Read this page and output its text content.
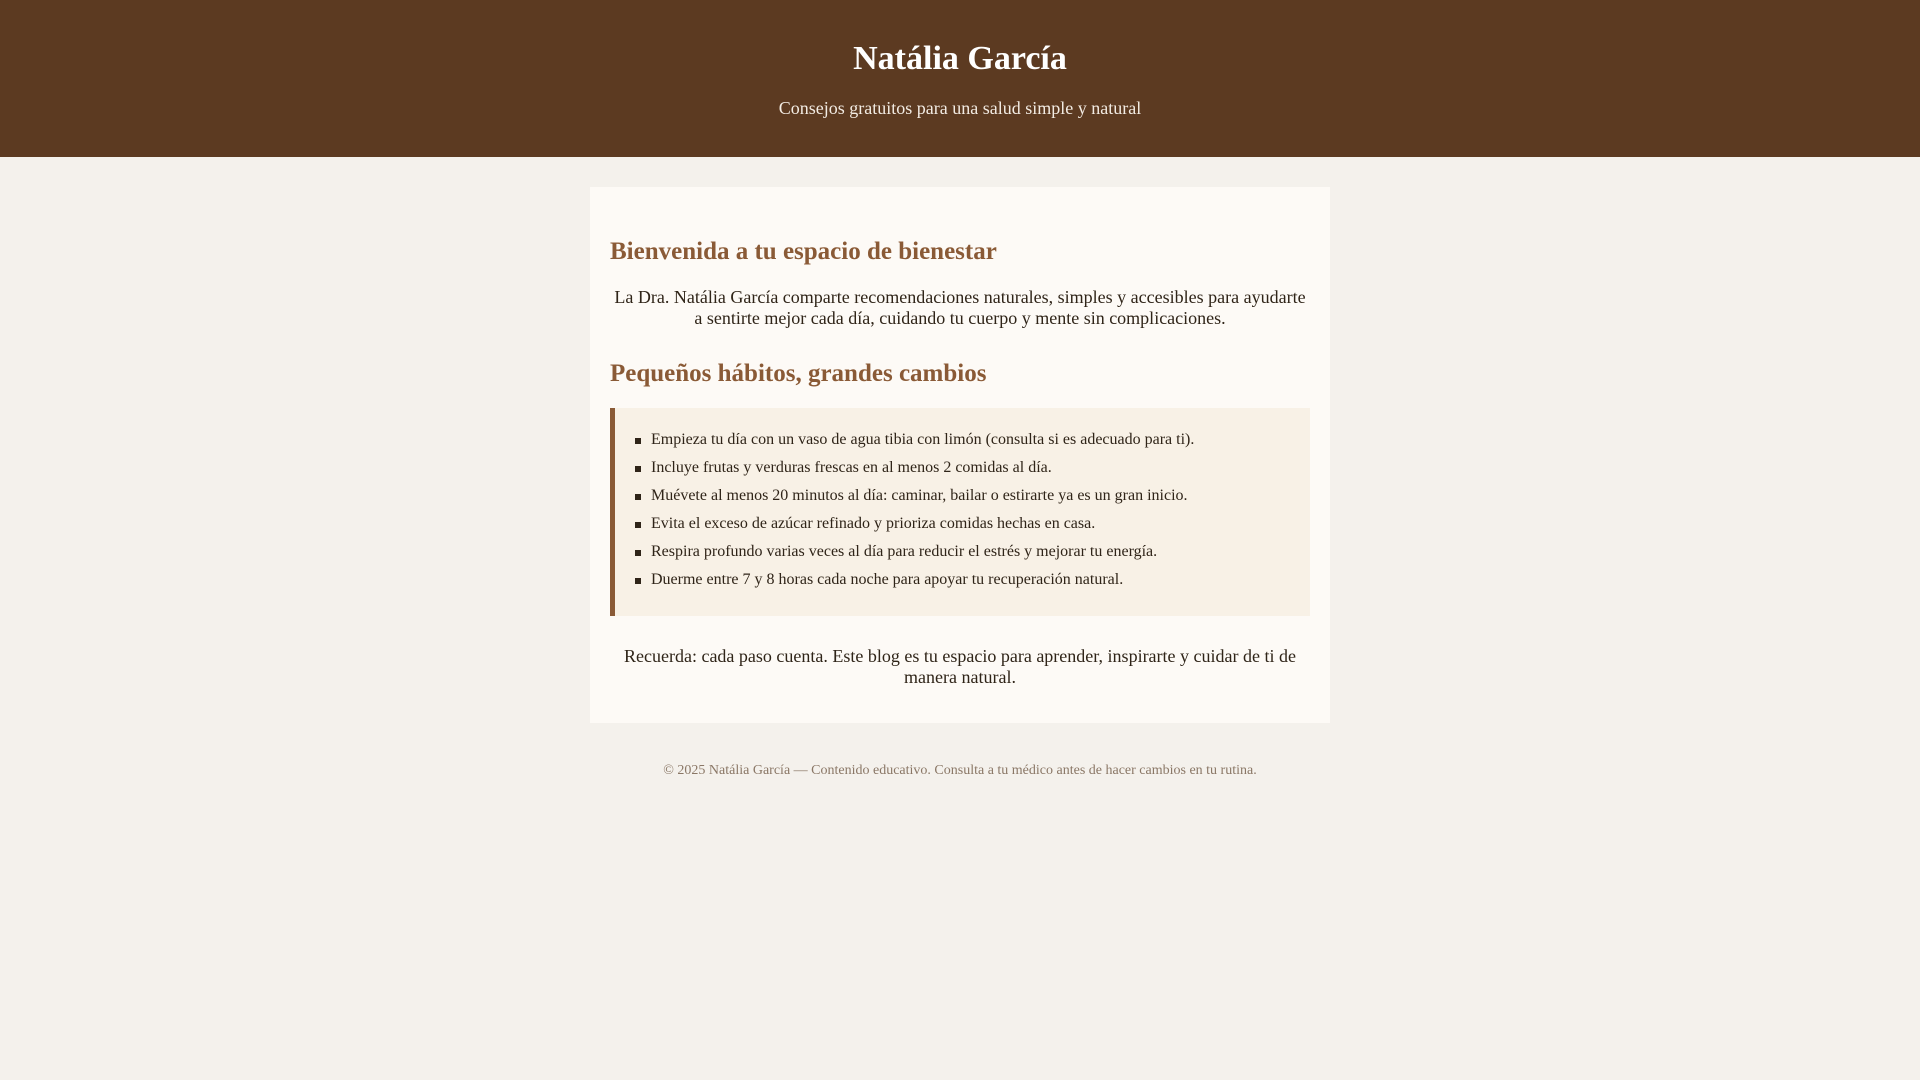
Natália García

Consejos gratuitos para una salud simple y natural

Bienvenida a tu espacio de bienestar

La Dra. Natália García comparte recomendaciones naturales, simples y accesibles para ayudarte a sentirte mejor cada día, cuidando tu cuerpo y mente sin complicaciones.

Pequeños hábitos, grandes cambios
Empieza tu día con un vaso de agua tibia con limón (consulta si es adecuado para ti).
Incluye frutas y verduras frescas en al menos 2 comidas al día.
Muévete al menos 20 minutos al día: caminar, bailar o estirarte ya es un gran inicio.
Evita el exceso de azúcar refinado y prioriza comidas hechas en casa.
Respira profundo varias veces al día para reducir el estrés y mejorar tu energía.
Duerme entre 7 y 8 horas cada noche para apoyar tu recuperación natural.

Recuerda: cada paso cuenta. Este blog es tu espacio para aprender, inspirarte y cuidar de ti de manera natural.

© 2025 Natália García — Contenido educativo. Consulta a tu médico antes de hacer cambios en tu rutina.
